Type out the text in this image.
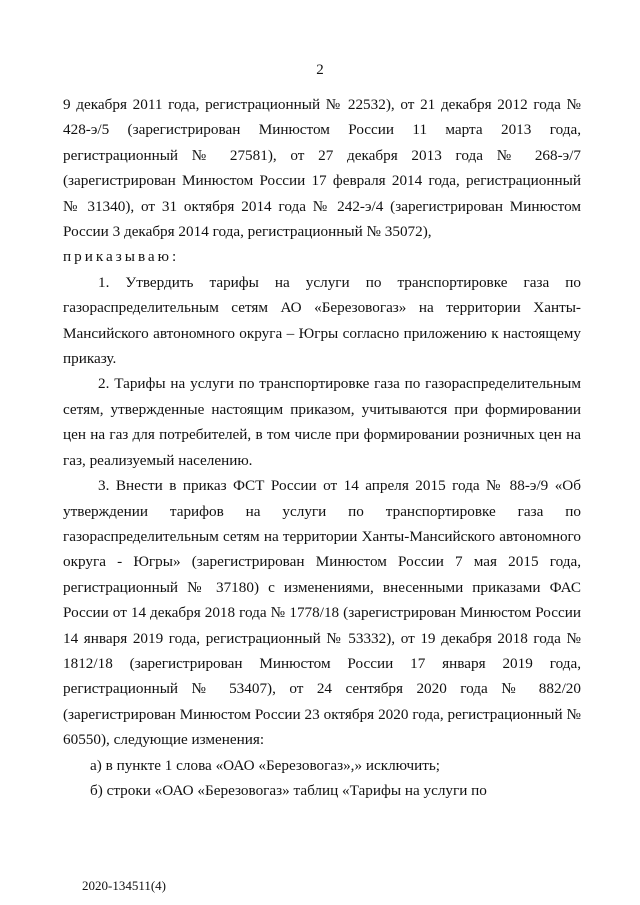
2

9 декабря 2011 года, регистрационный № 22532), от 21 декабря 2012 года № 428-э/5 (зарегистрирован Минюстом России 11 марта 2013 года, регистрационный № 27581), от 27 декабря 2013 года № 268-э/7 (зарегистрирован Минюстом России 17 февраля 2014 года, регистрационный № 31340), от 31 октября 2014 года № 242-э/4 (зарегистрирован Минюстом России 3 декабря 2014 года, регистрационный № 35072),

приказываю:

1. Утвердить тарифы на услуги по транспортировке газа по газораспределительным сетям АО «Березовогаз» на территории Ханты-Мансийского автономного округа – Югры согласно приложению к настоящему приказу.

2. Тарифы на услуги по транспортировке газа по газораспределительным сетям, утвержденные настоящим приказом, учитываются при формировании цен на газ для потребителей, в том числе при формировании розничных цен на газ, реализуемый населению.

3. Внести в приказ ФСТ России от 14 апреля 2015 года № 88-э/9 «Об утверждении тарифов на услуги по транспортировке газа по газораспределительным сетям на территории Ханты-Мансийского автономного округа - Югры» (зарегистрирован Минюстом России 7 мая 2015 года, регистрационный № 37180) с изменениями, внесенными приказами ФАС России от 14 декабря 2018 года № 1778/18 (зарегистрирован Минюстом России 14 января 2019 года, регистрационный № 53332), от 19 декабря 2018 года № 1812/18 (зарегистрирован Минюстом России 17 января 2019 года, регистрационный № 53407), от 24 сентября 2020 года № 882/20 (зарегистрирован Минюстом России 23 октября 2020 года, регистрационный № 60550), следующие изменения:

а) в пункте 1 слова «ОАО «Березовогаз»,» исключить;

б) строки «ОАО «Березовогаз» таблиц «Тарифы на услуги по

2020-134511(4)
